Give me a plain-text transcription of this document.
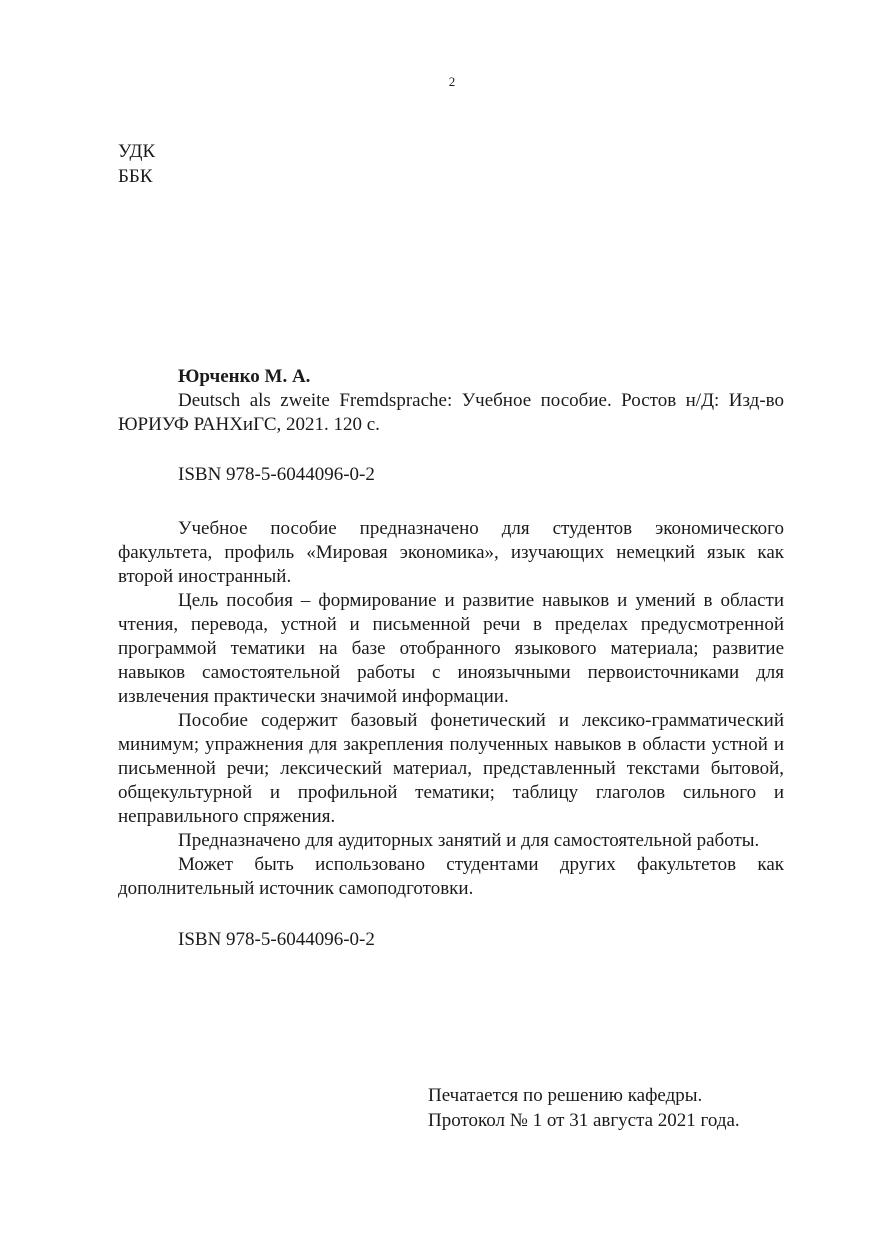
2
УДК
ББК
Юрченко М. А.

Deutsch als zweite Fremdsprache: Учебное пособие. Ростов н/Д: Изд-во ЮРИУФ РАНХиГС, 2021. 120 с.

ISBN 978-5-6044096-0-2

Учебное пособие предназначено для студентов экономического факультета, профиль «Мировая экономика», изучающих немецкий язык как второй иностранный.

Цель пособия – формирование и развитие навыков и умений в области чтения, перевода, устной и письменной речи в пределах предусмотренной программой тематики на базе отобранного языкового материала; развитие навыков самостоятельной работы с иноязычными первоисточниками для извлечения практически значимой информации.

Пособие содержит базовый фонетический и лексико-грамматический минимум; упражнения для закрепления полученных навыков в области устной и письменной речи; лексический материал, представленный текстами бытовой, общекультурной и профильной тематики; таблицу глаголов сильного и неправильного спряжения.

Предназначено для аудиторных занятий и для самостоятельной работы.

Может быть использовано студентами других факультетов как дополнительный источник самоподготовки.

ISBN 978-5-6044096-0-2

Печатается по решению кафедры.
Протокол № 1 от 31 августа 2021 года.
